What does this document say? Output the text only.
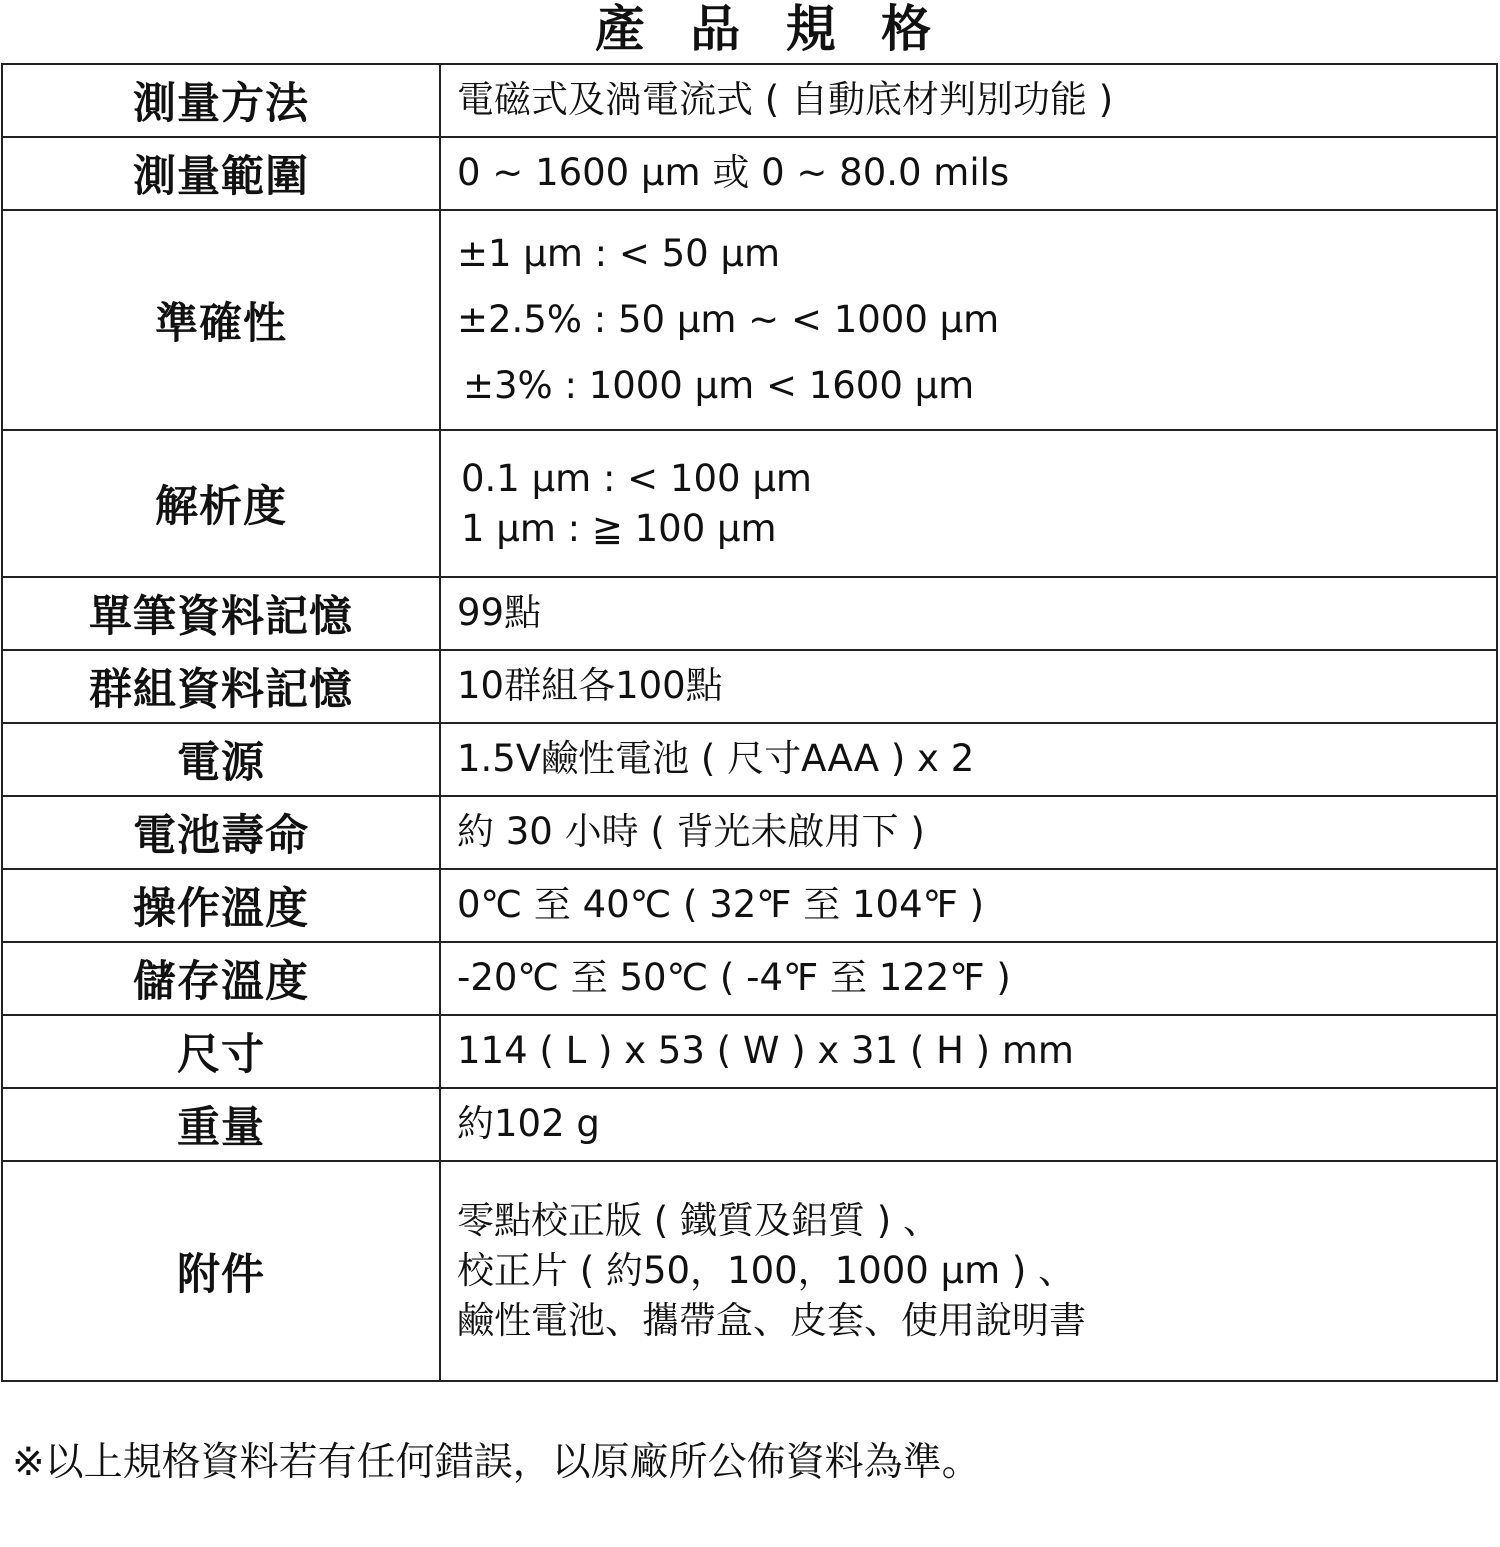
產 品 規 格
測量方法	電磁式及渦電流式 ( 自動底材判別功能 )

測量範圍	0 ~ 1600 μm 或 0 ~ 80.0 mils

準確性	±1 μm : < 50 μm
±2.5% : 50 μm ~ < 1000 μm
±3% : 1000 μm < 1600 μm

解析度	0.1 μm : < 100 μm
1 μm : ≧ 100 μm

單筆資料記憶	99點

群組資料記憶	10群組各100點

電源	1.5V鹼性電池 ( 尺寸AAA ) x 2

電池壽命	約 30 小時 ( 背光未啟用下 )

操作溫度	0℃ 至 40℃ ( 32℉ 至 104℉ )

儲存溫度	-20℃ 至 50℃ ( -4℉ 至 122℉ )

尺寸	114 ( L ) x 53 ( W ) x 31 ( H ) mm

重量	約102 g

附件	零點校正版 ( 鐵質及鋁質 ) 、
校正片 ( 約50，100，1000 μm ) 、
鹼性電池、攜帶盒、皮套、使用說明書
※以上規格資料若有任何錯誤，以原廠所公佈資料為準。
